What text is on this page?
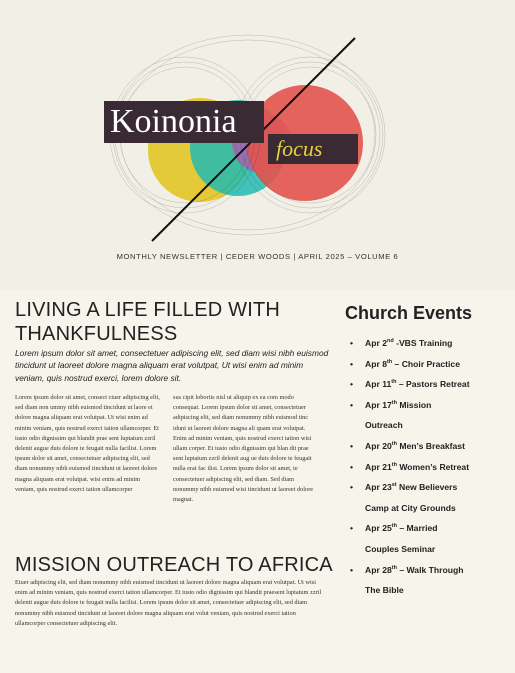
Koinonia
focus
MONTHLY NEWSLETTER | CEDER WOODS | APRIL 2025 – VOLUME 6
LIVING A LIFE FILLED WITH
THANKFULNESS
Lorem ipsum dolor sit amet, consectetuer adipiscing elit, sed diam wisi nibh euismod tincidunt ut laoreet dolore magna aliquam erat volutpat, Ut wisi enim ad minim veniam, quis nostrud exerci, lorem dolore sit.
Lorem ipsum dolor sit amet, consect ctuer adipiscing elit, sed diam non ummy nibh euismod tincidunt ut laore et dolore magna aliquam erat volutpat. Ut wisi enim ad minim veniam, quis nostrud exerci tation ullamcorper. Et iusto odio dignissim qui blandit prae sent luptatum zzril delenit augue duis dolore te feugait nulla facilisi. Lorem ipsum dolor sit amet, consectetuer adipiscing elit, sed diam nonummy nibh euismod tincidunt ut laoreet dolore magna aliquam erat volutpat. wisi enim ad minim veniam, quis nostrud exerci tation ullamcorper
sus cipit lobortis nisl ut aliquip ex ea com modo consequat. Lorem ipsum dolor sit amet, consectetuer adipiscing elit, sed diam nonummy nibh euismod tinc idunt ut laoreet dolore magna ali quam erat volutpat. Enim ad minim veniam, quis nostrud exerci tation wisi ullam corper. Et iusto odio dignissim qui blan dit prae sent luptatum zzril delenit aug ue duis dolore te feugait nulla erat fac ilisi. Lorem ipsum dolor sit amet, te consectetuer adipiscing elit, sed diam. Sed diam nonummy nibh euismod wisi tincidunt ut laoreet dolore magnat.
MISSION OUTREACH TO AFRICA
Etuer adipiscing elit, sed diam nonummy nibh euismod tincidunt ut laoreet dolore magna aliquam erat volutpat. Ut wisi enim ad minim veniam, quis nostrud exerci tation ullamcorper. Et iusto odio dignissim qui blandit praesent luptatum zzril delenit augue duis dolore te feugait nulla facilisi. Lorem ipsum dolor sit amet, consectetuer adipiscing elit, sed diam nonummy nibh euismod tincidunt ut laoreet dolore magna aliquam erat volut veniam, quis nostrud exerci tation ullamcorper consectetuer adipiscing elit.
Church Events
• Apr 2nd -VBS Training
• Apr 8th – Choir Practice
• Apr 11th – Pastors Retreat
• Apr 17th Mission
Outreach
• Apr 20th Men’s Breakfast
• Apr 21th Women’s Retreat
• Apr 23st New Believers
Camp at City Grounds
• Apr 25th – Married
Couples Seminar
• Apr 28th – Walk Through
The Bible
